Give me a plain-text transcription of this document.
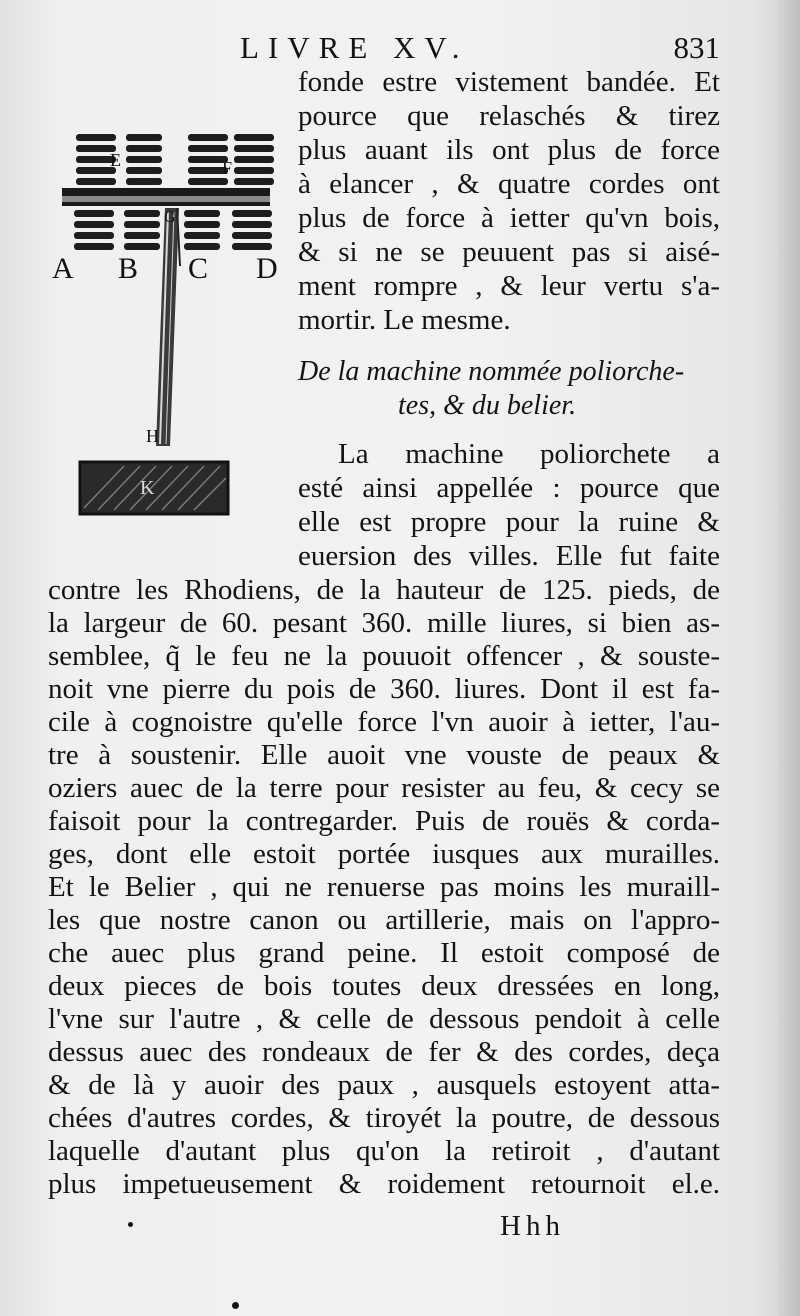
LIVRE XV.	831
E	F
G
A B C D
H
K
fonde estre vistement bandée. Et
pource que relaschés & tirez
plus auant ils ont plus de force
à elancer , & quatre cordes ont
plus de force à ietter qu'vn bois,
& si ne se peuuent pas si aisé-
ment rompre , & leur vertu s'a-
mortir. Le mesme.
De la machine nommée poliorche-
tes, & du belier.
La machine poliorchete a
esté ainsi appellée : pource que
elle est propre pour la ruine &
euersion des villes. Elle fut faite
contre les Rhodiens, de la hauteur de 125. pieds, de
la largeur de 60. pesant 360. mille liures, si bien as-
semblee, q̃ le feu ne la pouuoit offencer , & souste-
noit vne pierre du pois de 360. liures. Dont il est fa-
cile à cognoistre qu'elle force l'vn auoir à ietter, l'au-
tre à soustenir. Elle auoit vne vouste de peaux &
oziers auec de la terre pour resister au feu, & cecy se
faisoit pour la contregarder. Puis de rouës & corda-
ges, dont elle estoit portée iusques aux murailles.
Et le Belier , qui ne renuerse pas moins les muraill-
les que nostre canon ou artillerie, mais on l'appro-
che auec plus grand peine. Il estoit composé de
deux pieces de bois toutes deux dressées en long,
l'vne sur l'autre , & celle de dessous pendoit à celle
dessus auec des rondeaux de fer & des cordes, deça
& de là y auoir des paux , ausquels estoyent atta-
chées d'autres cordes, & tiroyét la poutre, de dessous
laquelle d'autant plus qu'on la retiroit , d'autant
plus impetueusement & roidement retournoit el.e.
Hhh
